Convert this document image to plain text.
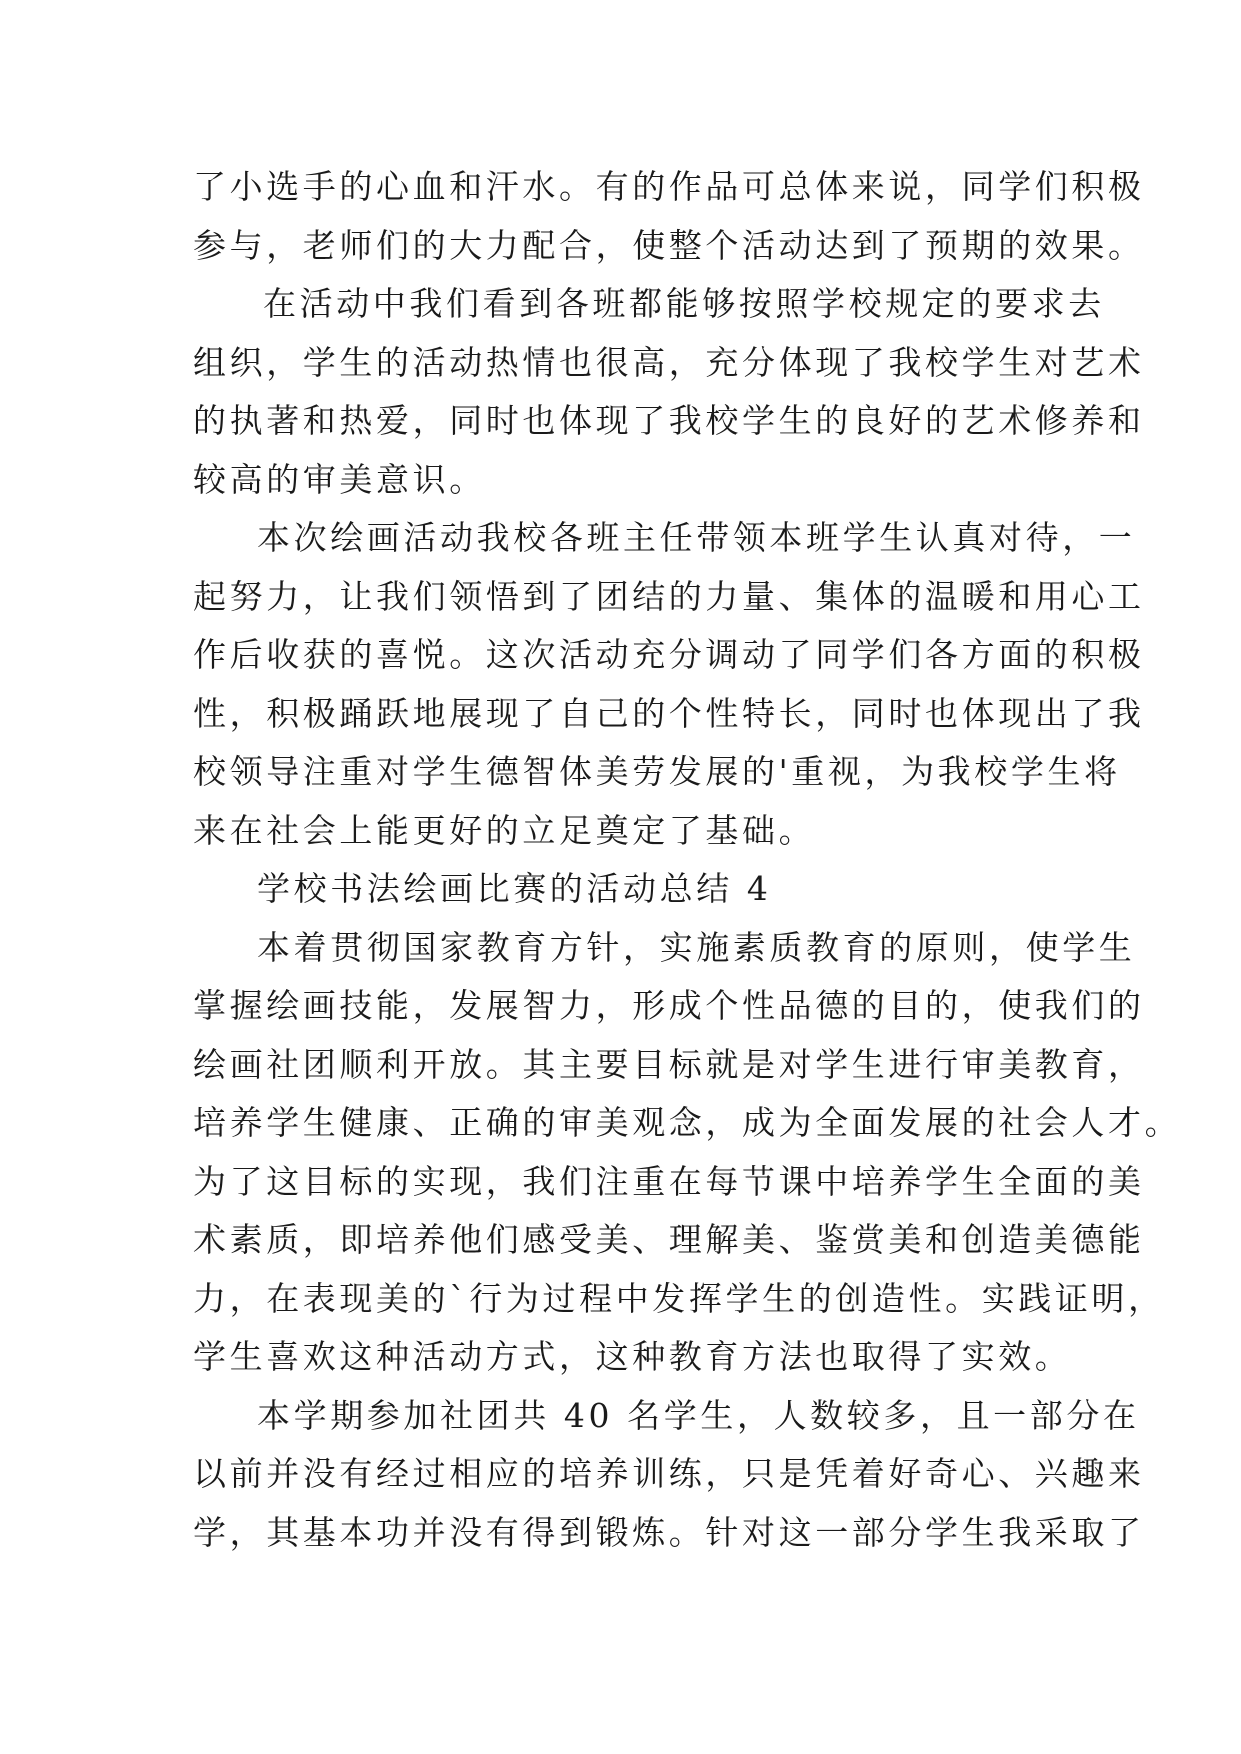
了小选手的心血和汗水。有的作品可总体来说，同学们积极
参与，老师们的大力配合，使整个活动达到了预期的效果。
在活动中我们看到各班都能够按照学校规定的要求去
组织，学生的活动热情也很高，充分体现了我校学生对艺术
的执著和热爱，同时也体现了我校学生的良好的艺术修养和
较高的审美意识。
本次绘画活动我校各班主任带领本班学生认真对待，一
起努力，让我们领悟到了团结的力量、集体的温暖和用心工
作后收获的喜悦。这次活动充分调动了同学们各方面的积极
性，积极踊跃地展现了自己的个性特长，同时也体现出了我
校领导注重对学生德智体美劳发展的'重视，为我校学生将
来在社会上能更好的立足奠定了基础。
学校书法绘画比赛的活动总结 4
本着贯彻国家教育方针，实施素质教育的原则，使学生
掌握绘画技能，发展智力，形成个性品德的目的，使我们的
绘画社团顺利开放。其主要目标就是对学生进行审美教育，
培养学生健康、正确的审美观念，成为全面发展的社会人才。
为了这目标的实现，我们注重在每节课中培养学生全面的美
术素质，即培养他们感受美、理解美、鉴赏美和创造美德能
力，在表现美的`行为过程中发挥学生的创造性。实践证明，
学生喜欢这种活动方式，这种教育方法也取得了实效。
本学期参加社团共 40 名学生，人数较多，且一部分在
以前并没有经过相应的培养训练，只是凭着好奇心、兴趣来
学，其基本功并没有得到锻炼。针对这一部分学生我采取了
